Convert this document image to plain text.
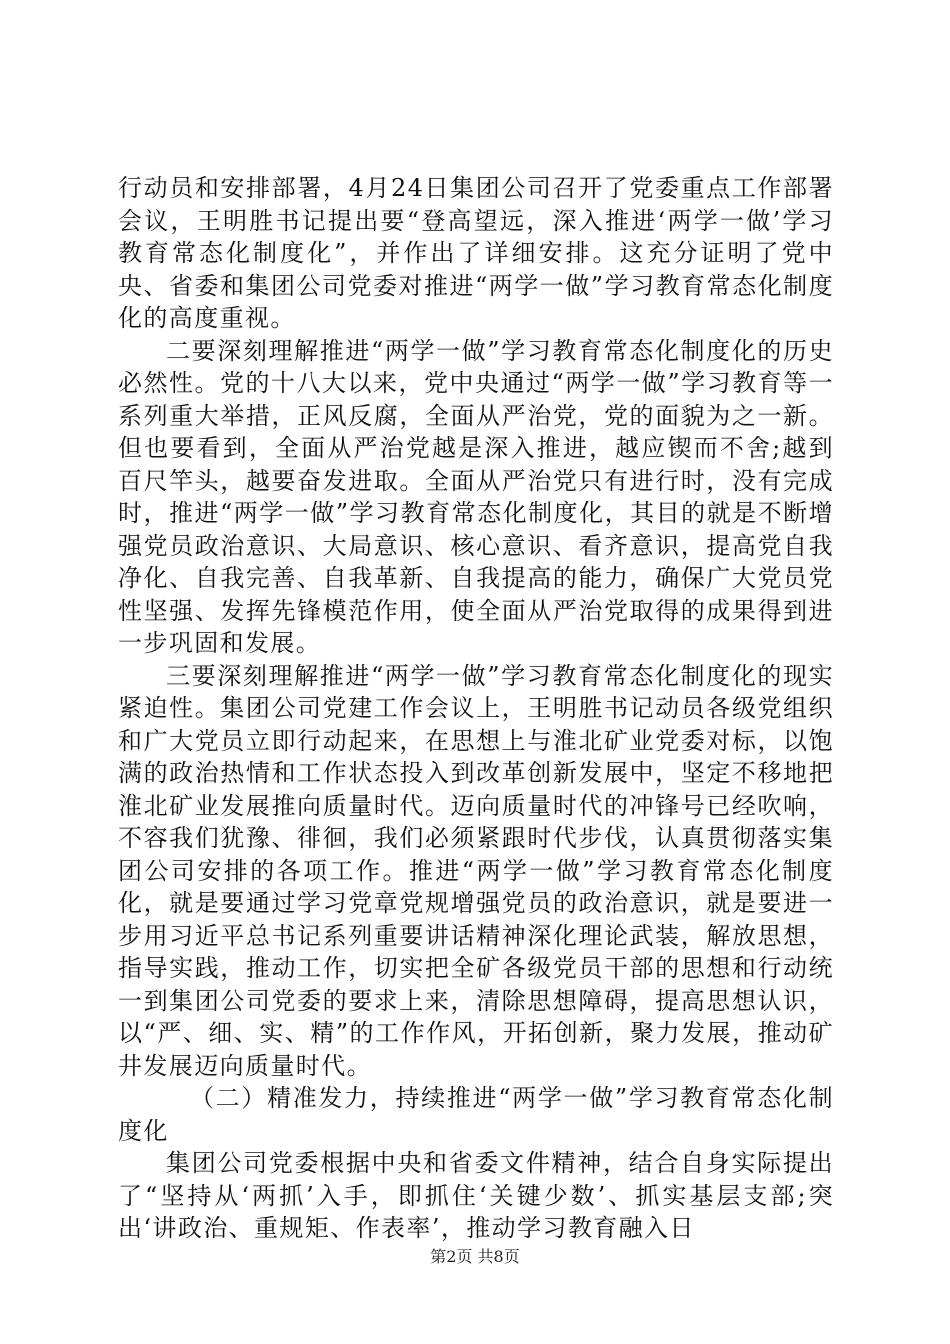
行动员和安排部署，4月24日集团公司召开了党委重点工作部署会议，王明胜书记提出要“登高望远，深入推进‘两学一做’学习教育常态化制度化”，并作出了详细安排。这充分证明了党中央、省委和集团公司党委对推进“两学一做”学习教育常态化制度化的高度重视。

二要深刻理解推进“两学一做”学习教育常态化制度化的历史必然性。党的十八大以来，党中央通过“两学一做”学习教育等一系列重大举措，正风反腐，全面从严治党，党的面貌为之一新。但也要看到，全面从严治党越是深入推进，越应锲而不舍;越到百尺竿头，越要奋发进取。全面从严治党只有进行时，没有完成时，推进“两学一做”学习教育常态化制度化，其目的就是不断增强党员政治意识、大局意识、核心意识、看齐意识，提高党自我净化、自我完善、自我革新、自我提高的能力，确保广大党员党性坚强、发挥先锋模范作用，使全面从严治党取得的成果得到进一步巩固和发展。

三要深刻理解推进“两学一做”学习教育常态化制度化的现实紧迫性。集团公司党建工作会议上，王明胜书记动员各级党组织和广大党员立即行动起来，在思想上与淮北矿业党委对标，以饱满的政治热情和工作状态投入到改革创新发展中，坚定不移地把淮北矿业发展推向质量时代。迈向质量时代的冲锋号已经吹响，不容我们犹豫、徘徊，我们必须紧跟时代步伐，认真贯彻落实集团公司安排的各项工作。推进“两学一做”学习教育常态化制度化，就是要通过学习党章党规增强党员的政治意识，就是要进一步用习近平总书记系列重要讲话精神深化理论武装，解放思想，指导实践，推动工作，切实把全矿各级党员干部的思想和行动统一到集团公司党委的要求上来，清除思想障碍，提高思想认识，以“严、细、实、精”的工作作风，开拓创新，聚力发展，推动矿井发展迈向质量时代。

（二）精准发力，持续推进“两学一做”学习教育常态化制度化

集团公司党委根据中央和省委文件精神，结合自身实际提出了“坚持从‘两抓’入手，即抓住‘关键少数’、抓实基层支部;突出‘讲政治、重规矩、作表率’，推动学习教育融入日

第2页 共8页
